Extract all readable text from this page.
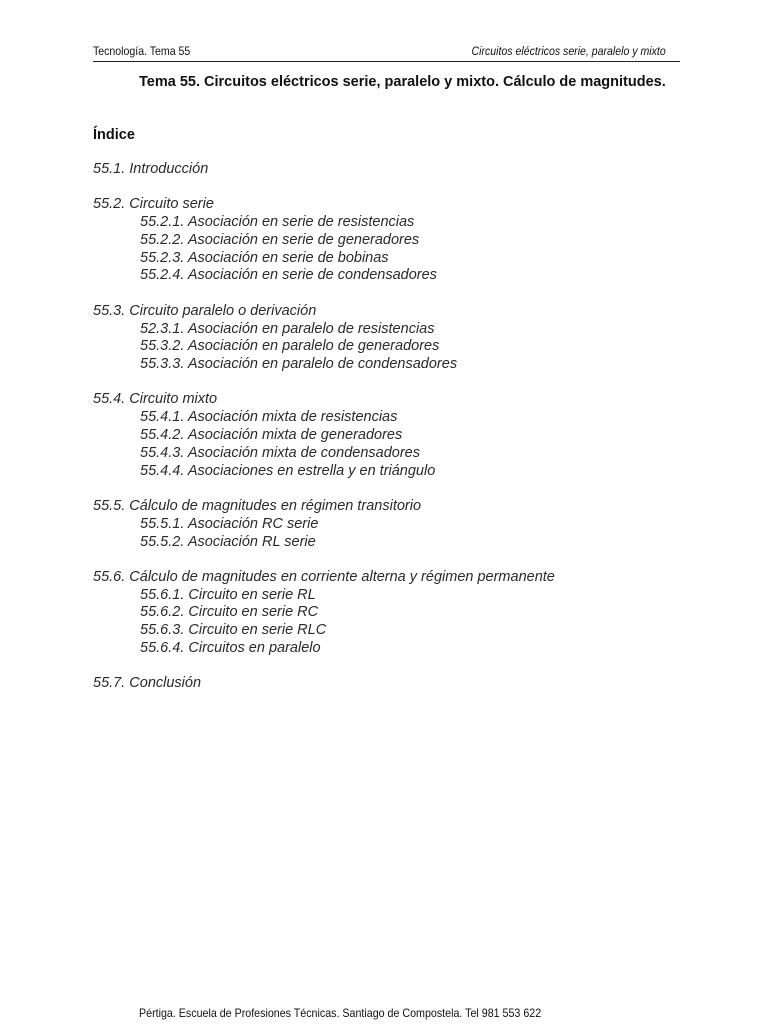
Tecnología. Tema 55	Circuitos eléctricos serie, paralelo y mixto
Tema 55. Circuitos eléctricos serie, paralelo y mixto. Cálculo de magnitudes.
Índice
55.1. Introducción
55.2. Circuito serie
55.2.1. Asociación en serie de resistencias
55.2.2. Asociación en serie de generadores
55.2.3. Asociación en serie de bobinas
55.2.4. Asociación en serie de condensadores
55.3. Circuito paralelo o derivación
52.3.1. Asociación en paralelo de resistencias
55.3.2. Asociación en paralelo de generadores
55.3.3. Asociación en paralelo de condensadores
55.4. Circuito mixto
55.4.1. Asociación mixta de resistencias
55.4.2. Asociación mixta de generadores
55.4.3. Asociación mixta de condensadores
55.4.4. Asociaciones en estrella y en triángulo
55.5. Cálculo de magnitudes en régimen transitorio
55.5.1. Asociación RC serie
55.5.2. Asociación RL serie
55.6. Cálculo de magnitudes en corriente alterna y régimen permanente
55.6.1. Circuito en serie RL
55.6.2. Circuito en serie RC
55.6.3. Circuito en serie RLC
55.6.4. Circuitos en paralelo
55.7. Conclusión
Pértiga. Escuela de Profesiones Técnicas. Santiago de Compostela. Tel 981 553 622
